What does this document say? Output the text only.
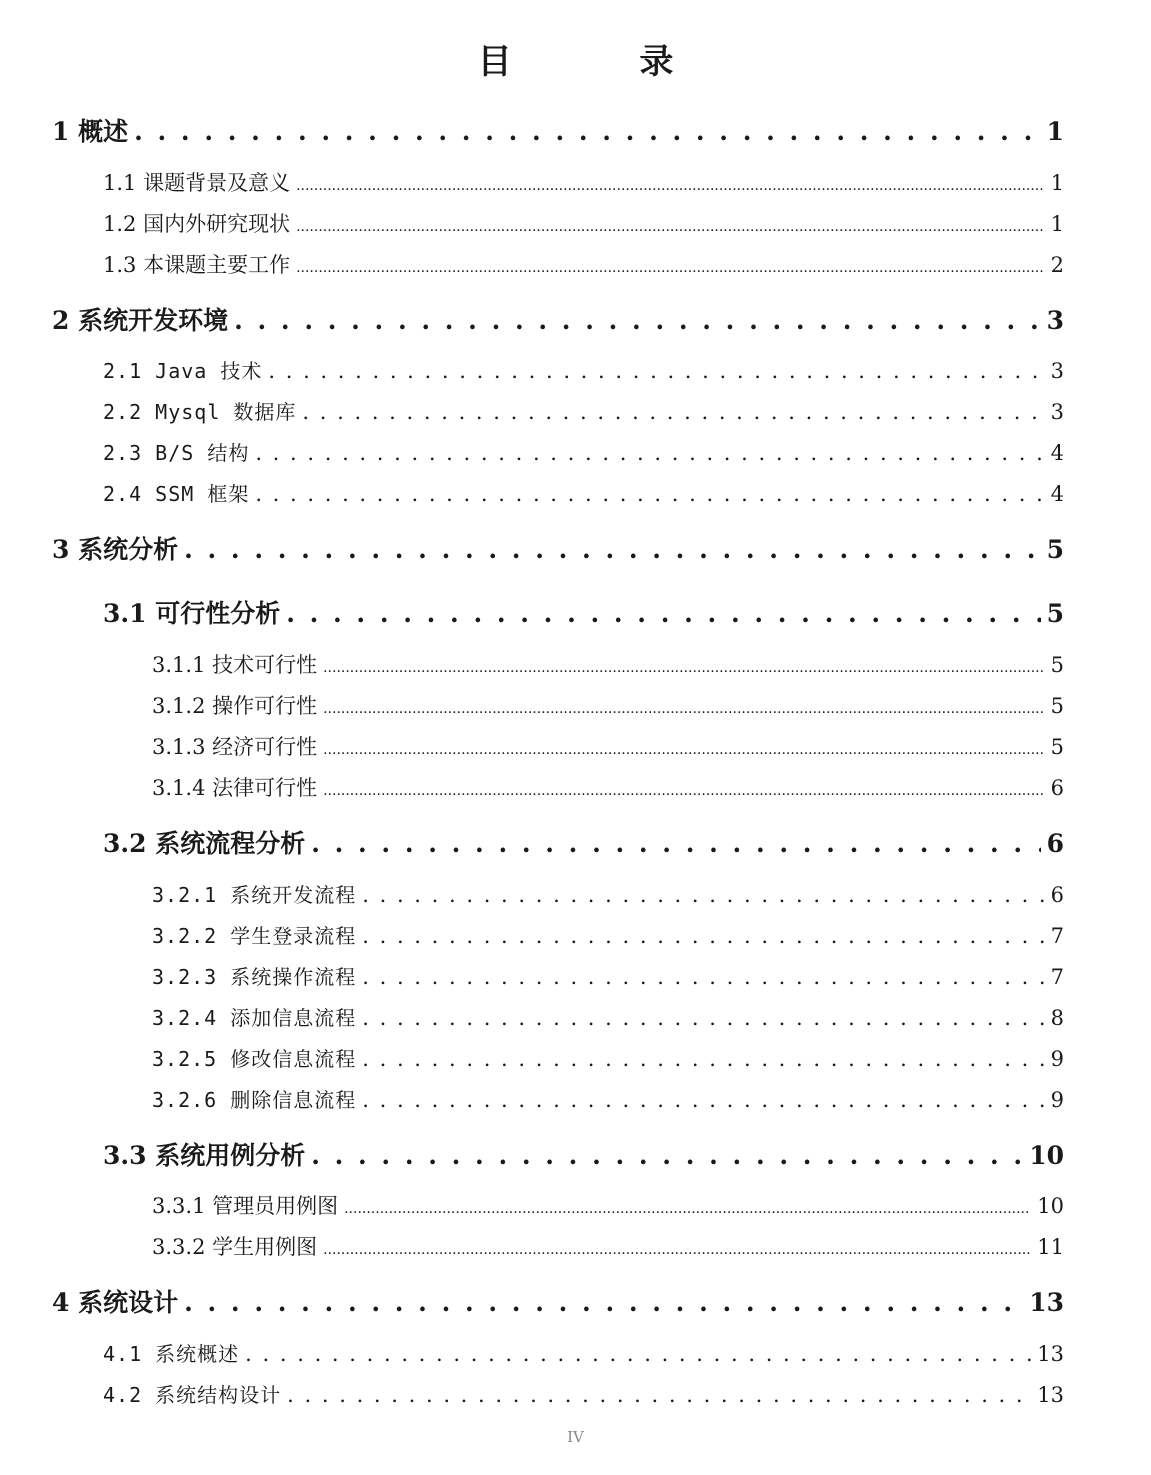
目 录
1 概述 . . .	1
1.1 课题背景及意义 .....	1
1.2 国内外研究现状 .....	1
1.3 本课题主要工作 .....	2
2 系统开发环境 . . .	3
2.1 Java 技术 . . .	3
2.2 Mysql 数据库 . . .	3
2.3 B/S 结构 . . .	4
2.4 SSM 框架 . . .	4
3 系统分析 . . .	5
3.1 可行性分析 . . .	5
3.1.1 技术可行性 .....	5
3.1.2 操作可行性 .....	5
3.1.3 经济可行性 .....	5
3.1.4 法律可行性 .....	6
3.2 系统流程分析 . . .	6
3.2.1 系统开发流程 . . .	6
3.2.2 学生登录流程 . . .	7
3.2.3 系统操作流程 . . .	7
3.2.4 添加信息流程 . . .	8
3.2.5 修改信息流程 . . .	9
3.2.6 删除信息流程 . . .	9
3.3 系统用例分析 . . .	10
3.3.1 管理员用例图 .....	10
3.3.2 学生用例图 .....	11
4 系统设计 . . .	13
4.1 系统概述 . . .	13
4.2 系统结构设计 . . .	13
IV
